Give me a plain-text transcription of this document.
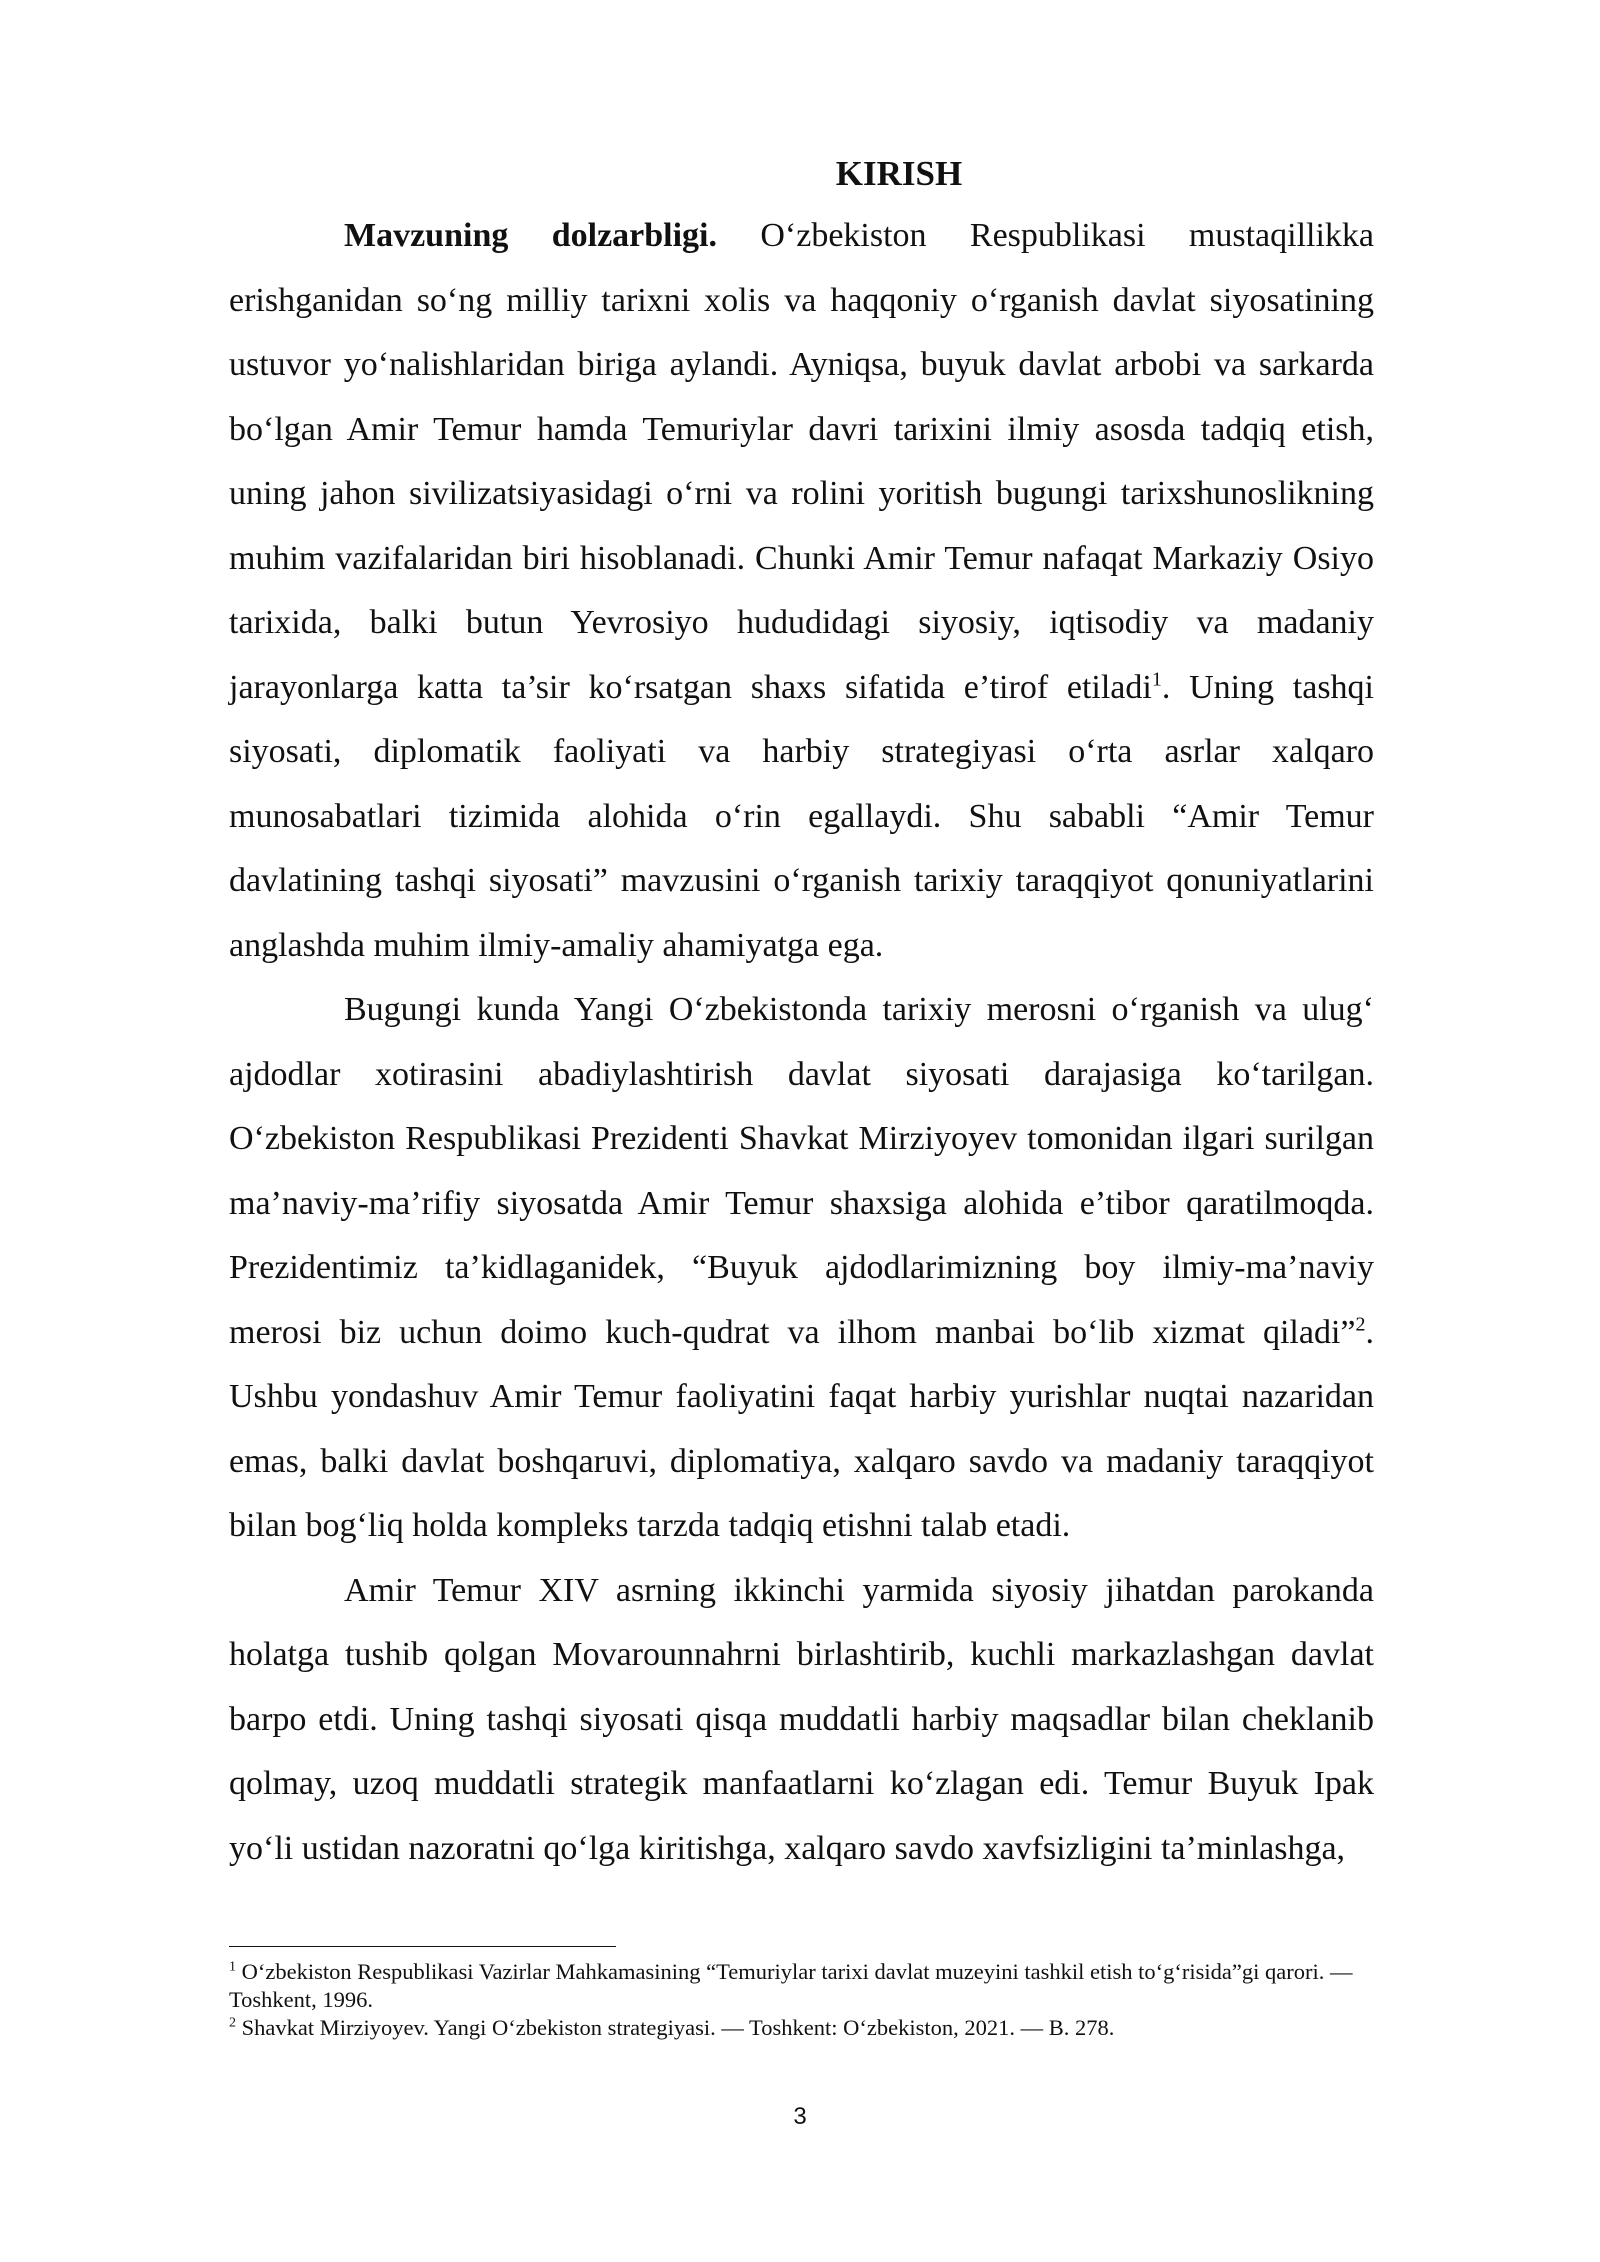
KIRISH

Mavzuning dolzarbligi. O‘zbekiston Respublikasi mustaqillikka erishganidan so‘ng milliy tarixni xolis va haqqoniy o‘rganish davlat siyosatining ustuvor yo‘nalishlaridan biriga aylandi. Ayniqsa, buyuk davlat arbobi va sarkarda bo‘lgan Amir Temur hamda Temuriylar davri tarixini ilmiy asosda tadqiq etish, uning jahon sivilizatsiyasidagi o‘rni va rolini yoritish bugungi tarixshunoslikning muhim vazifalaridan biri hisoblanadi. Chunki Amir Temur nafaqat Markaziy Osiyo tarixida, balki butun Yevrosiyo hududidagi siyosiy, iqtisodiy va madaniy jarayonlarga katta ta’sir ko‘rsatgan shaxs sifatida e’tirof etiladi$^1$. Uning tashqi siyosati, diplomatik faoliyati va harbiy strategiyasi o‘rta asrlar xalqaro munosabatlari tizimida alohida o‘rin egallaydi. Shu sababli “Amir Temur davlatining tashqi siyosati” mavzusini o‘rganish tarixiy taraqqiyot qonuniyatlarini anglashda muhim ilmiy-amaliy ahamiyatga ega.

Bugungi kunda Yangi O‘zbekistonda tarixiy merosni o‘rganish va ulug‘ ajdodlar xotirasini abadiylashtirish davlat siyosati darajasiga ko‘tarilgan. O‘zbekiston Respublikasi Prezidenti Shavkat Mirziyoyev tomonidan ilgari surilgan ma’naviy-ma’rifiy siyosatda Amir Temur shaxsiga alohida e’tibor qaratilmoqda. Prezidentimiz ta’kidlaganidek, “Buyuk ajdodlarimizning boy ilmiy-ma’naviy merosi biz uchun doimo kuch-qudrat va ilhom manbai bo‘lib xizmat qiladi”$^2$. Ushbu yondashuv Amir Temur faoliyatini faqat harbiy yurishlar nuqtai nazaridan emas, balki davlat boshqaruvi, diplomatiya, xalqaro savdo va madaniy taraqqiyot bilan bog‘liq holda kompleks tarzda tadqiq etishni talab etadi.

Amir Temur XIV asrning ikkinchi yarmida siyosiy jihatdan parokanda holatga tushib qolgan Movarounnahrni birlashtirib, kuchli markazlashgan davlat barpo etdi. Uning tashqi siyosati qisqa muddatli harbiy maqsadlar bilan cheklanib qolmay, uzoq muddatli strategik manfaatlarni ko‘zlagan edi. Temur Buyuk Ipak yo‘li ustidan nazoratni qo‘lga kiritishga, xalqaro savdo xavfsizligini ta’minlashga,

$^1$ O‘zbekiston Respublikasi Vazirlar Mahkamasining “Temuriylar tarixi davlat muzeyini tashkil etish to‘g‘risida”gi qarori. — Toshkent, 1996.

$^2$ Shavkat Mirziyoyev. Yangi O‘zbekiston strategiyasi. — Toshkent: O‘zbekiston, 2021. — B. 278.

3
